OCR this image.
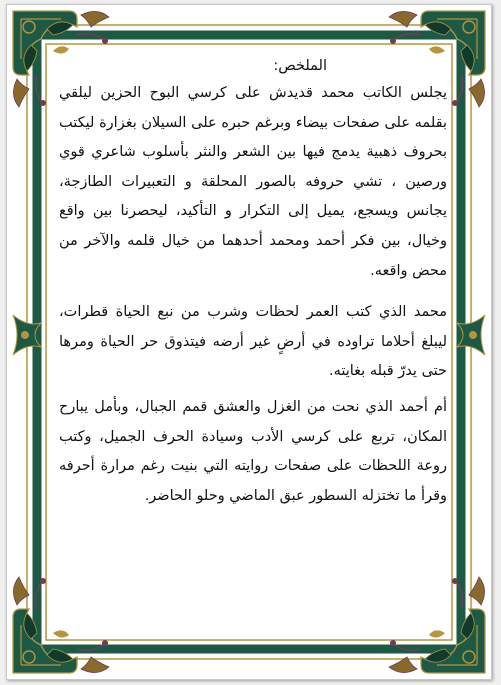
الملخص:

يجلس الكاتب محمد قديدش على كرسي البوح الحزين ليلقي بقلمه على صفحات بيضاء وبرغم حبره على السيلان بغزارة ليكتب بحروف ذهبية يدمج فيها بين الشعر والنثر بأسلوب شاعري قوي ورصين ، تشي حروفه بالصور المحلقة و التعبيرات الطازجة، يجانس ويسجع، يميل إلى التكرار و التأكيد، ليحصرنا بين واقع وخيال، بين فكر أحمد ومحمد أحدهما من خيال قلمه والآخر من محض واقعه.

محمد الذي كتب العمر لحظات وشرب من نبع الحياة قطرات، ليبلغ أحلاما تراوده في أرضٍ غير أرضه فيتذوق حر الحياة ومرها حتى يدرّ قبله بغايته.

أم أحمد الذي نحت من الغزل والعشق قمم الجبال، وبأمل يبارح المكان، تربع على كرسي الأدب وسيادة الحرف الجميل، وكتب روعة اللحظات على صفحات روايته التي بنيت رغم مرارة أحرفه وقرأ ما تختزله السطور عبق الماضي وحلو الحاضر.
